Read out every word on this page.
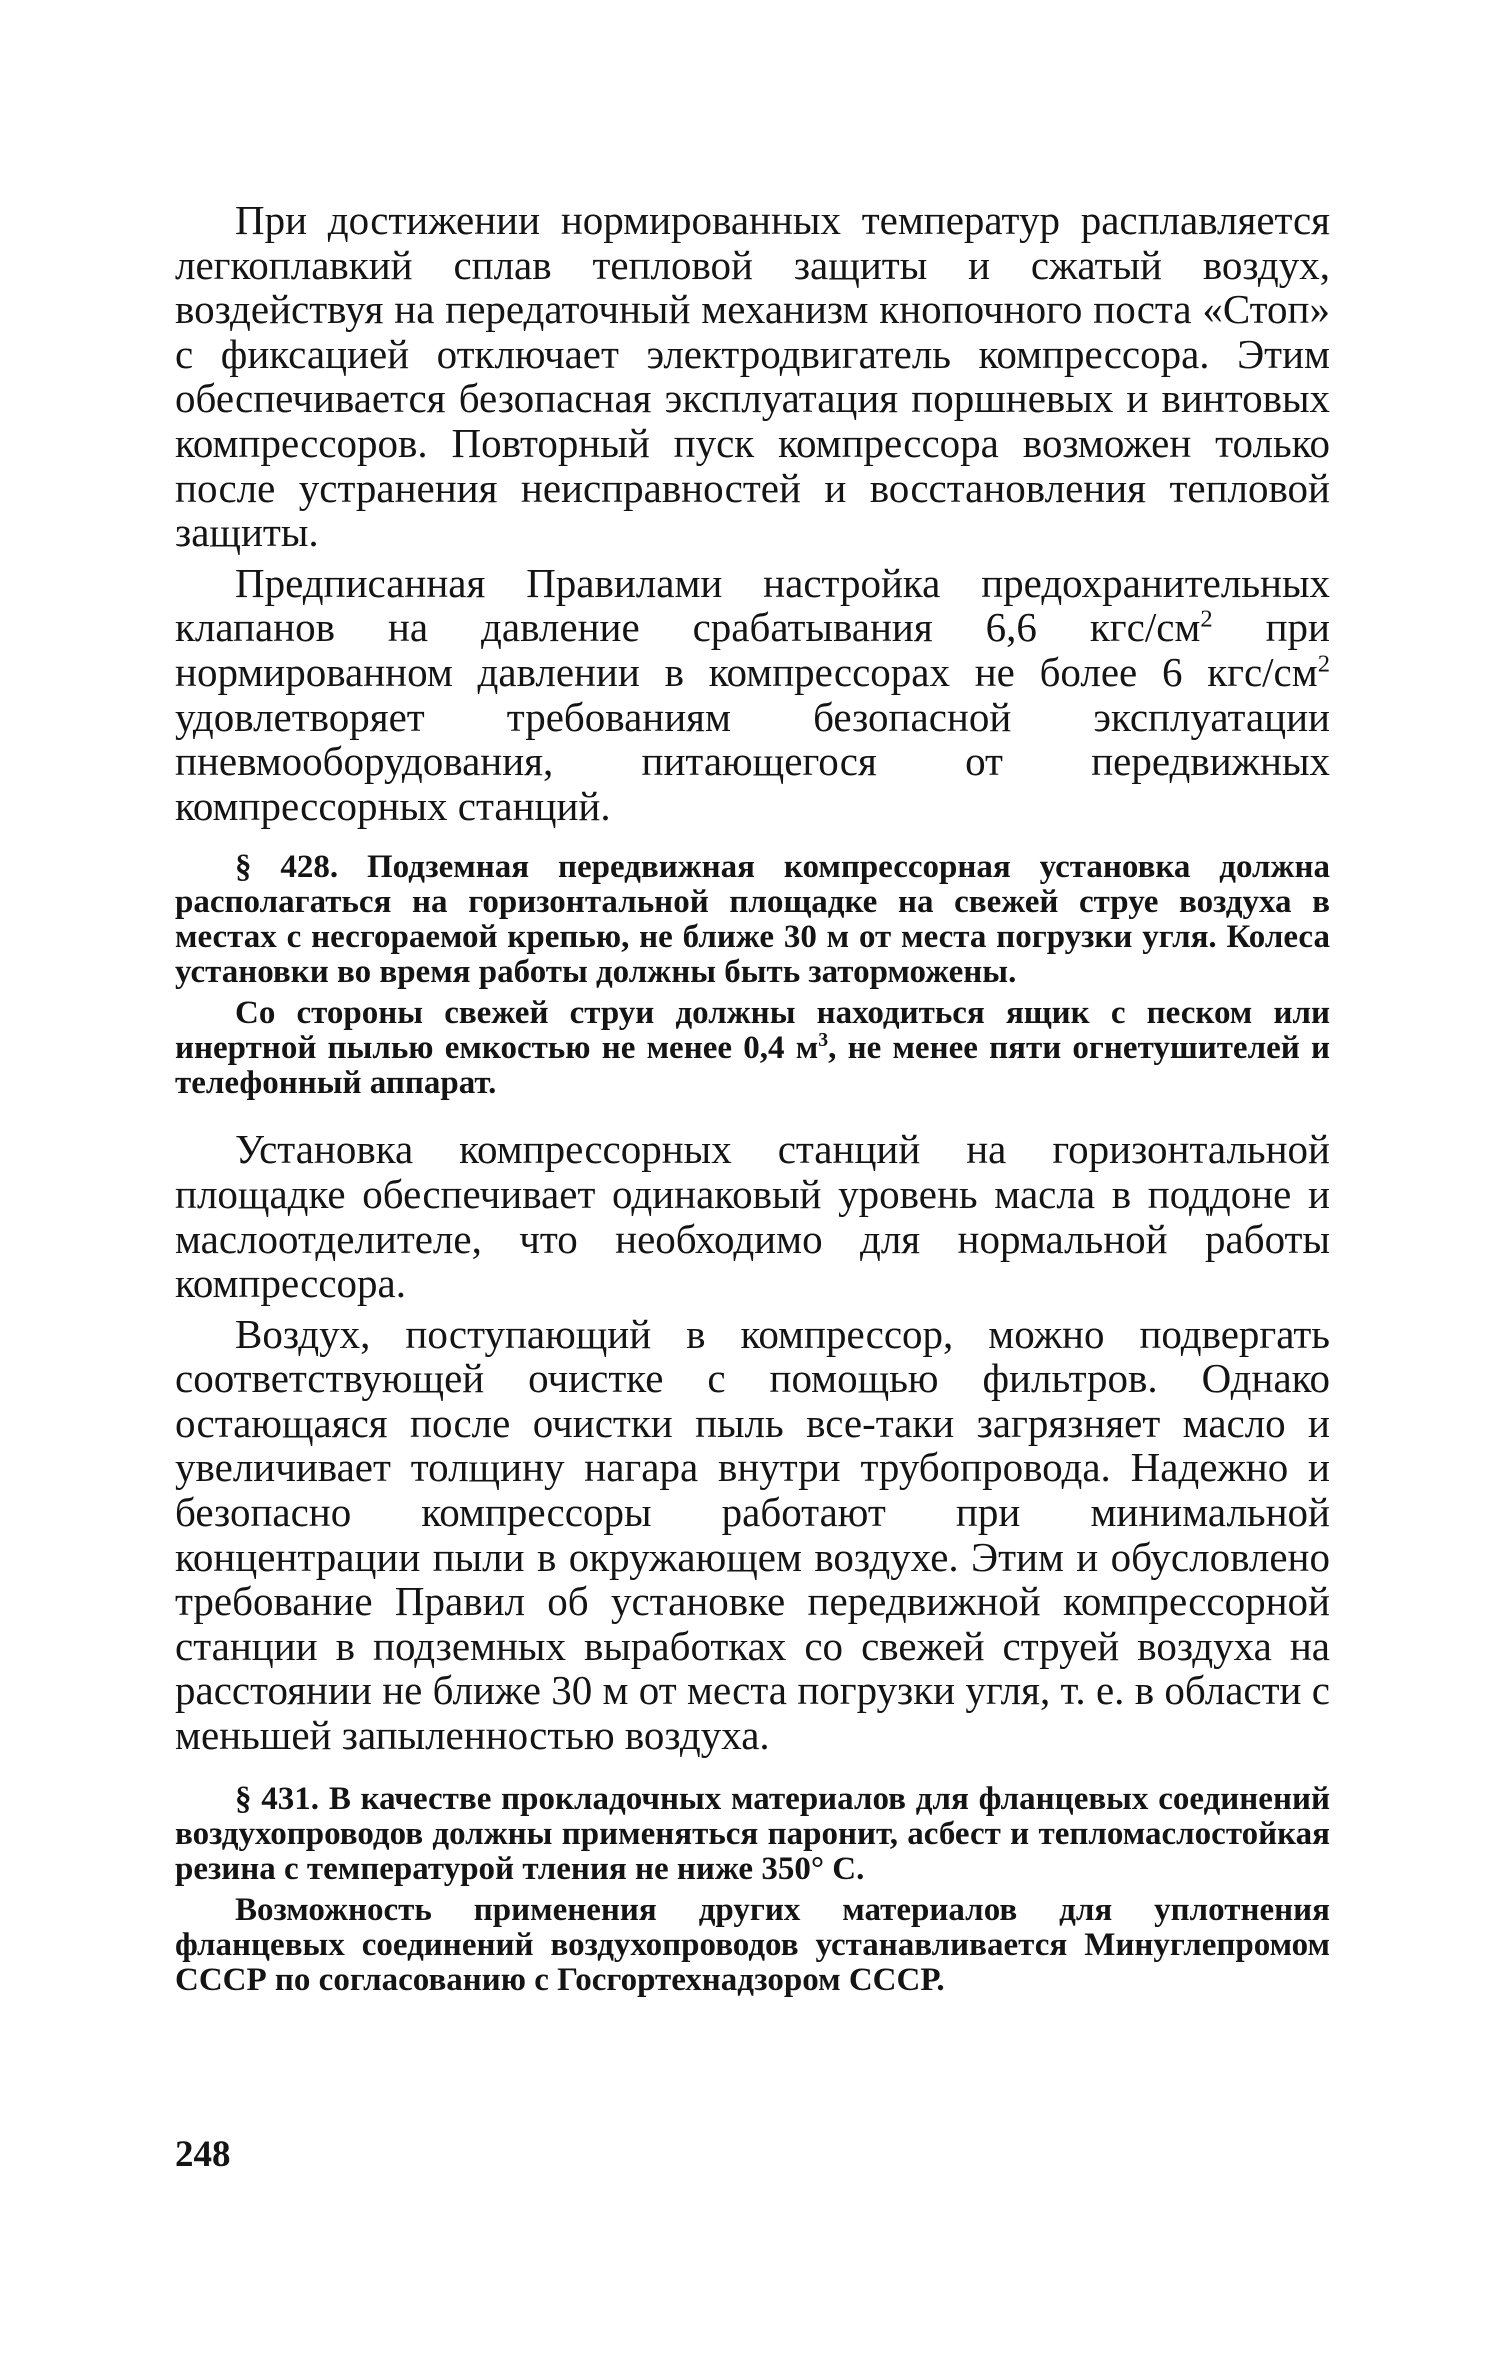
При достижении нормированных температур расплавляется легкоплавкий сплав тепловой защиты и сжатый воздух, воздействуя на передаточный механизм кнопочного поста «Стоп» с фиксацией отключает электродвигатель компрессора. Этим обеспечивается безопасная эксплуатация поршневых и винтовых компрессоров. Повторный пуск компрессора возможен только после устранения неисправностей и восстановления тепловой защиты.

Предписанная Правилами настройка предохранительных клапанов на давление срабатывания 6,6 кгс/$см^2$ при нормированном давлении в компрессорах не более 6 кгс/$см^2$ удовлетворяет требованиям безопасной эксплуатации пневмооборудования, питающегося от передвижных компрессорных станций.

§ 428. Подземная передвижная компрессорная установка должна располагаться на горизонтальной площадке на свежей струе воздуха в местах с несгораемой крепью, не ближе 30 м от места погрузки угля. Колеса установки во время работы должны быть заторможены.

Со стороны свежей струи должны находиться ящик с песком или инертной пылью емкостью не менее 0,4 $м^3$, не менее пяти огнетушителей и телефонный аппарат.

Установка компрессорных станций на горизонтальной площадке обеспечивает одинаковый уровень масла в поддоне и маслоотделителе, что необходимо для нормальной работы компрессора.

Воздух, поступающий в компрессор, можно подвергать соответствующей очистке с помощью фильтров. Однако остающаяся после очистки пыль все-таки загрязняет масло и увеличивает толщину нагара внутри трубопровода. Надежно и безопасно компрессоры работают при минимальной концентрации пыли в окружающем воздухе. Этим и обусловлено требование Правил об установке передвижной компрессорной станции в подземных выработках со свежей струей воздуха на расстоянии не ближе 30 м от места погрузки угля, т. е. в области с меньшей запыленностью воздуха.

§ 431. В качестве прокладочных материалов для фланцевых соединений воздухопроводов должны применяться паронит, асбест и тепломаслостойкая резина с температурой тления не ниже 350° С.

Возможность применения других материалов для уплотнения фланцевых соединений воздухопроводов устанавливается Минуглепромом СССР по согласованию с Госгортехнадзором СССР.

248
